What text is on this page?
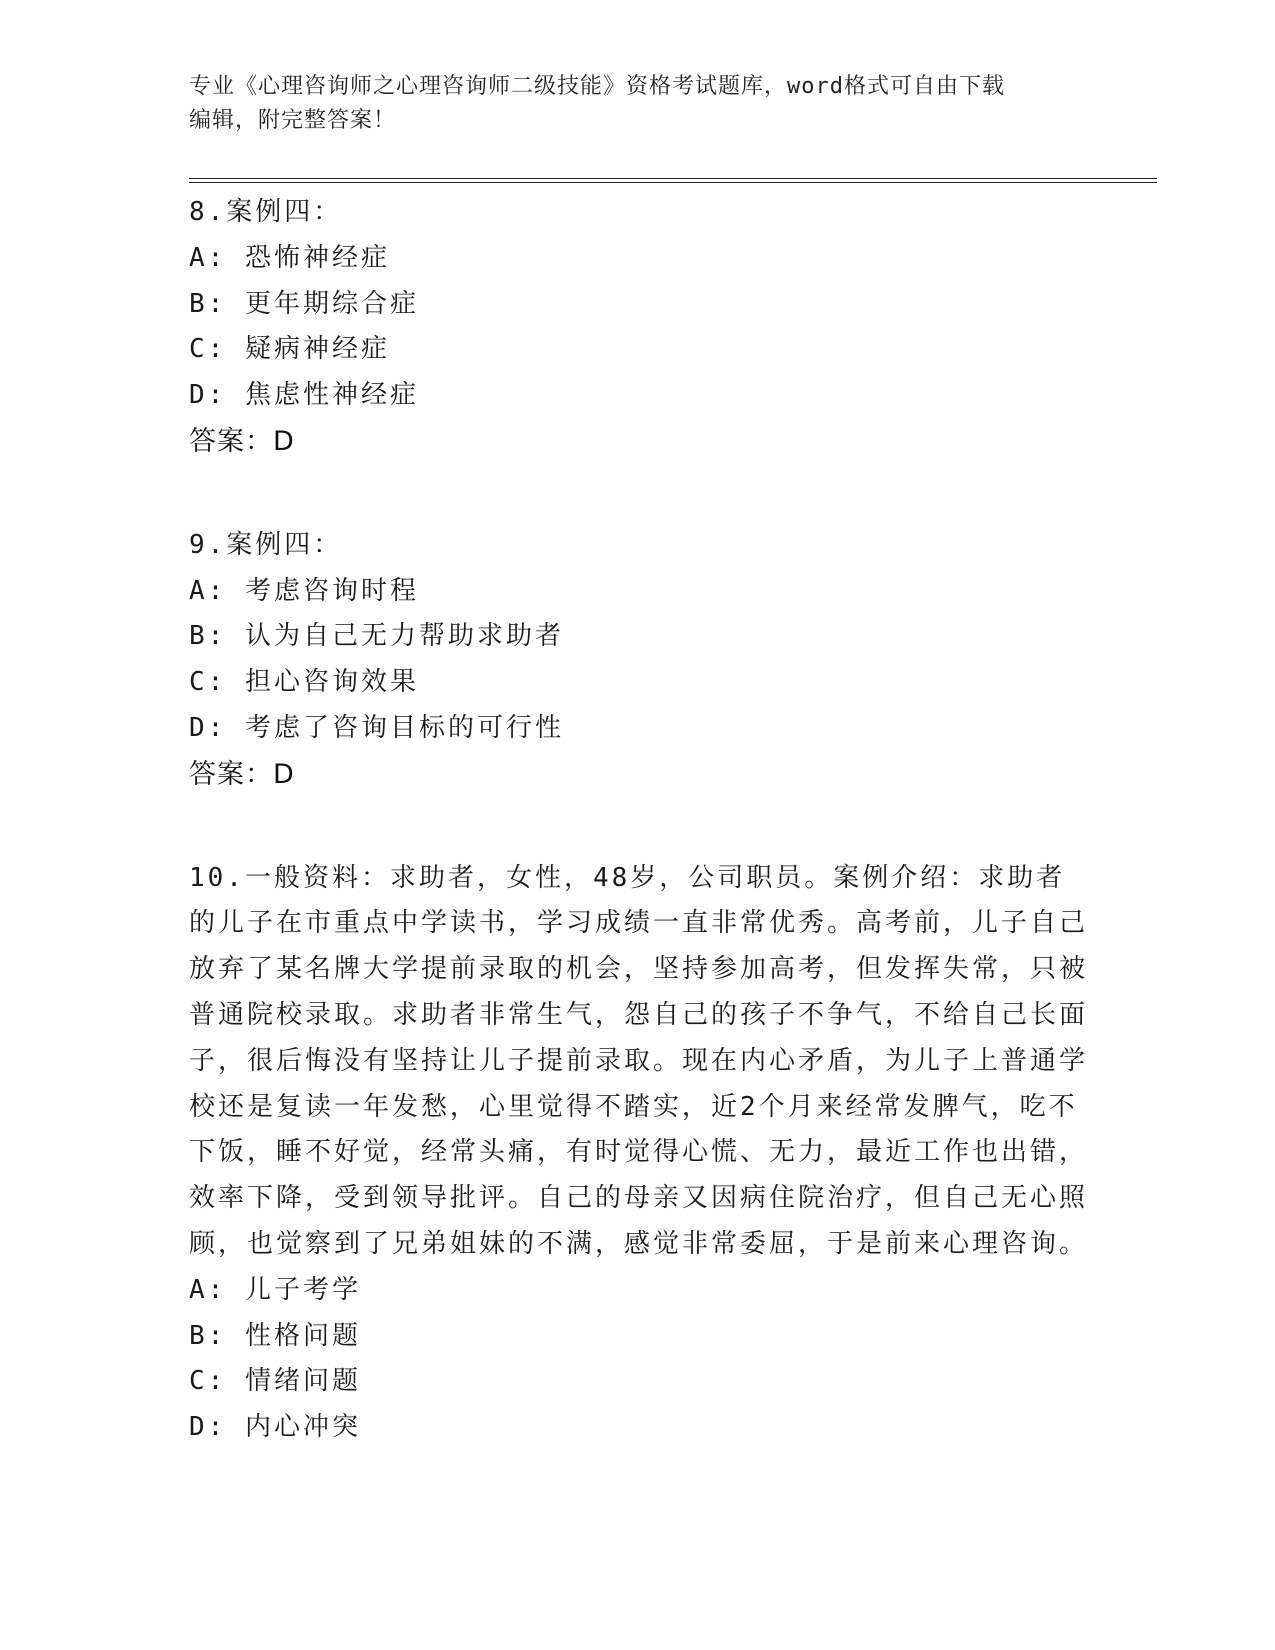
专业《心理咨询师之心理咨询师二级技能》资格考试题库，word格式可自由下载
编辑，附完整答案！
8.案例四：
A: 恐怖神经症
B: 更年期综合症
C: 疑病神经症
D: 焦虑性神经症
答案：D
9.案例四：
A: 考虑咨询时程
B: 认为自己无力帮助求助者
C: 担心咨询效果
D: 考虑了咨询目标的可行性
答案：D
10.一般资料：求助者，女性，48岁，公司职员。案例介绍：求助者的儿子在市重点中学读书，学习成绩一直非常优秀。高考前，儿子自己放弃了某名牌大学提前录取的机会，坚持参加高考，但发挥失常，只被普通院校录取。求助者非常生气，怨自己的孩子不争气，不给自己长面子，很后悔没有坚持让儿子提前录取。现在内心矛盾，为儿子上普通学校还是复读一年发愁，心里觉得不踏实，近2个月来经常发脾气，吃不下饭，睡不好觉，经常头痛，有时觉得心慌、无力，最近工作也出错，效率下降，受到领导批评。自己的母亲又因病住院治疗，但自己无心照顾，也觉察到了兄弟姐妹的不满，感觉非常委屈，于是前来心理咨询。
A: 儿子考学
B: 性格问题
C: 情绪问题
D: 内心冲突
